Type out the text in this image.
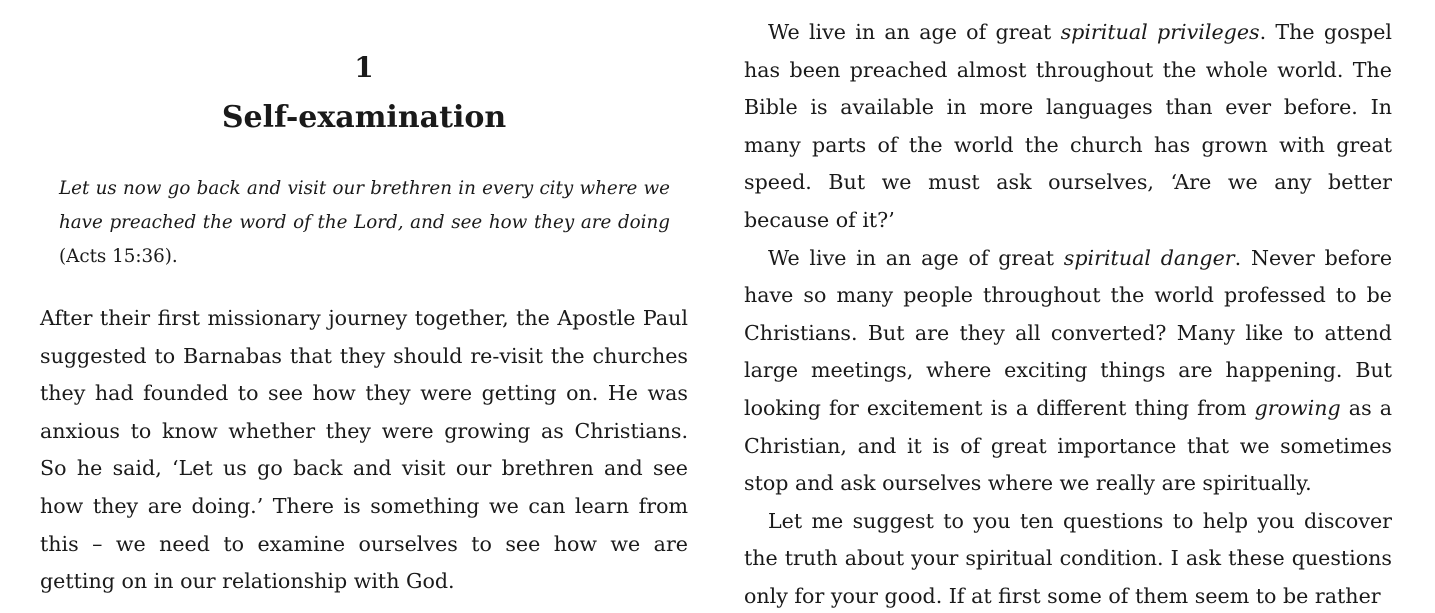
1
Self-examination
Let us now go back and visit our brethren in every city where we have preached the word of the Lord, and see how they are doing (Acts 15:36).

After their first missionary journey together, the Apostle Paul suggested to Barnabas that they should re-visit the churches they had founded to see how they were getting on. He was anxious to know whether they were growing as Christians. So he said, ‘Let us go back and visit our brethren and see how they are doing.’ There is something we can learn from this – we need to examine ourselves to see how we are getting on in our relationship with God.

We live in an age of great spiritual privileges. The gospel has been preached almost throughout the whole world. The Bible is available in more languages than ever before. In many parts of the world the church has grown with great speed. But we must ask ourselves, ‘Are we any better because of it?’

We live in an age of great spiritual danger. Never before have so many people throughout the world professed to be Christians. But are they all converted? Many like to attend large meetings, where exciting things are happening. But looking for excitement is a different thing from growing as a Christian, and it is of great importance that we sometimes stop and ask ourselves where we really are spiritually.

Let me suggest to you ten questions to help you discover the truth about your spiritual condition. I ask these questions only for your good. If at first some of them seem to be rather
